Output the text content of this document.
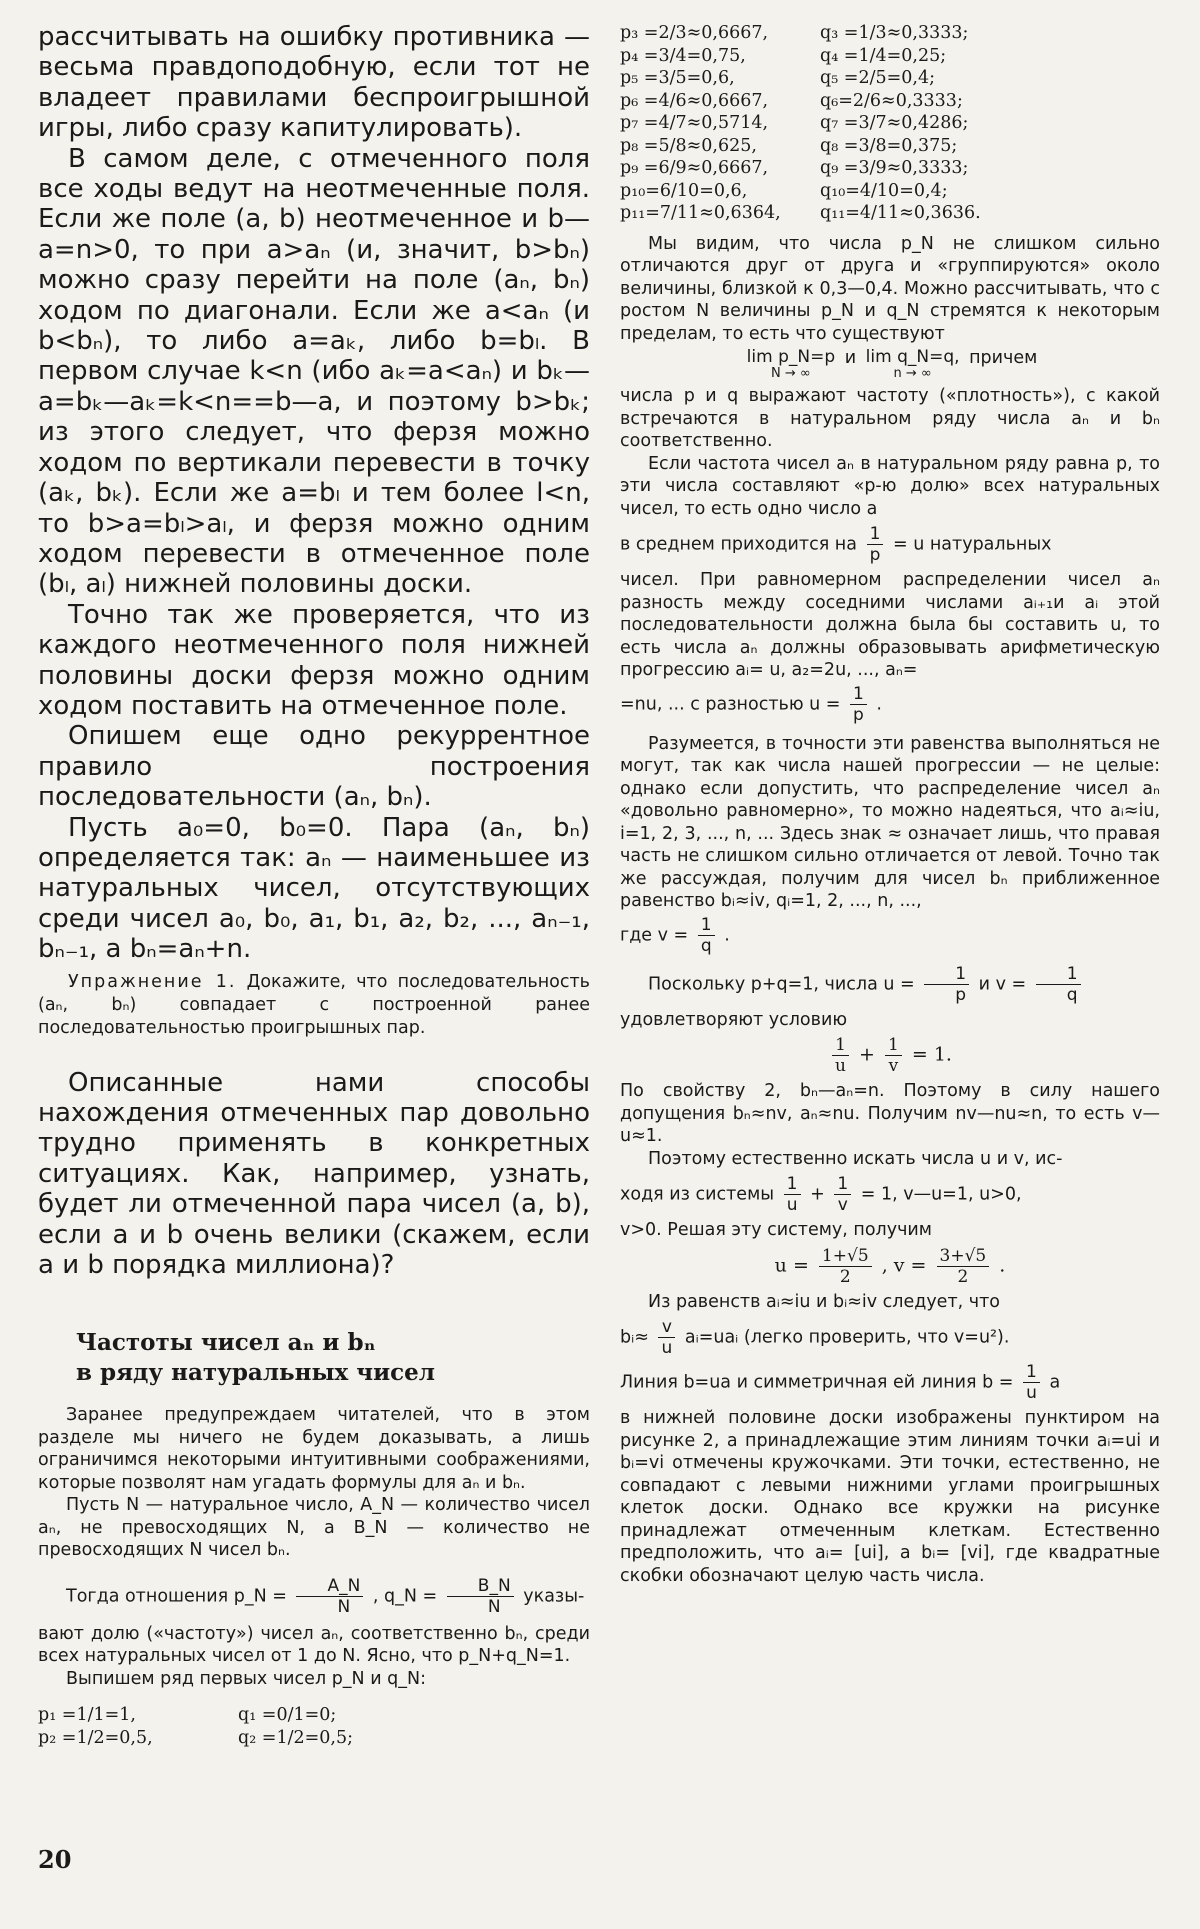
рассчитывать на ошибку противника — весьма правдоподобную, если тот не владеет правилами беспроигрышной игры, либо сразу капитулировать).

В самом деле, с отмеченного поля все ходы ведут на неотмеченные поля. Если же поле (a, b) неотмеченное и b—a=n>0, то при a>aₙ (и, значит, b>bₙ) можно сразу перейти на поле (aₙ, bₙ) ходом по диагонали. Если же a<aₙ (и b<bₙ), то либо a=aₖ, либо b=bₗ. В первом случае k<n (ибо aₖ=a<aₙ) и bₖ—a=bₖ—aₖ=k<n==b—a, и поэтому b>bₖ; из этого следует, что ферзя можно ходом по вертикали перевести в точку (aₖ, bₖ). Если же a=bₗ и тем более l<n, то b>a=bₗ>aₗ, и ферзя можно одним ходом перевести в отмеченное поле (bₗ, aₗ) нижней половины доски.

Точно так же проверяется, что из каждого неотмеченного поля нижней половины доски ферзя можно одним ходом поставить на отмеченное поле.

Опишем еще одно рекуррентное правило построения последовательности (aₙ, bₙ).

Пусть a₀=0, b₀=0. Пара (aₙ, bₙ) определяется так: aₙ — наименьшее из натуральных чисел, отсутствующих среди чисел a₀, b₀, a₁, b₁, a₂, b₂, ..., aₙ₋₁, bₙ₋₁, а bₙ=aₙ+n.

Упражнение 1. Докажите, что последовательность (aₙ, bₙ) совпадает с построенной ранее последовательностью проигрышных пар.

Описанные нами способы нахождения отмеченных пар довольно трудно применять в конкретных ситуациях. Как, например, узнать, будет ли отмеченной пара чисел (a, b), если a и b очень велики (скажем, если a и b порядка миллиона)?

Частоты чисел aₙ и bₙ
в ряду натуральных чисел

Заранее предупреждаем читателей, что в этом разделе мы ничего не будем доказывать, а лишь ограничимся некоторыми интуитивными соображениями, которые позволят нам угадать формулы для aₙ и bₙ.

Пусть N — натуральное число, A_N — количество чисел aₙ, не превосходящих N, а B_N — количество не превосходящих N чисел bₙ.

Тогда отношения p_N = $\frac{A\_N}{N}$ , q_N = $\frac{B\_N}{N}$ указы-

вают долю («частоту») чисел aₙ, соответственно bₙ, среди всех натуральных чисел от 1 до N. Ясно, что p_N+q_N=1.

Выпишем ряд первых чисел p_N и q_N:

p₁ =1/1=1,	q₁ =0/1=0;
p₂ =1/2=0,5,	q₂ =1/2=0,5;
p₃ =2/3≈0,6667,	q₃ =1/3≈0,3333;
p₄ =3/4=0,75,	q₄ =1/4=0,25;
p₅ =3/5=0,6,	q₅ =2/5=0,4;
p₆ =4/6≈0,6667,	q₆=2/6≈0,3333;
p₇ =4/7≈0,5714,	q₇ =3/7≈0,4286;
p₈ =5/8≈0,625,	q₈ =3/8=0,375;
p₉ =6/9≈0,6667,	q₉ =3/9≈0,3333;
p₁₀=6/10=0,6,	q₁₀=4/10=0,4;
p₁₁=7/11≈0,6364,	q₁₁=4/11≈0,3636.

Мы видим, что числа p_N не слишком сильно отличаются друг от друга и «группируются» около величины, близкой к 0,3—0,4. Можно рассчитывать, что с ростом N величины p_N и q_N стремятся к некоторым пределам, то есть что существуют

lim p_N=p
N → ∞
и lim q_N=q,
n → ∞
причем

числа p и q выражают частоту («плотность»), с какой встречаются в натуральном ряду числа aₙ и bₙ соответственно.

Если частота чисел aₙ в натуральном ряду равна p, то эти числа составляют «p-ю долю» всех натуральных чисел, то есть одно число a

в среднем приходится на $\frac{1}{p} = u$ натуральных

чисел. При равномерном распределении чисел aₙ разность между соседними числами aᵢ₊₁и aᵢ этой последовательности должна была бы составить u, то есть числа aₙ должны образовывать арифметическую прогрессию aᵢ= u, a₂=2u, ..., aₙ=

=nu, ... с разностью $u = \frac{1}{p}$ .

Разумеется, в точности эти равенства выполняться не могут, так как числа нашей прогрессии — не целые: однако если допустить, что распределение чисел aₙ «довольно равномерно», то можно надеяться, что aᵢ≈iu, i=1, 2, 3, ..., n, ... Здесь знак ≈ означает лишь, что правая часть не слишком сильно отличается от левой. Точно так же рассуждая, получим для чисел bₙ приближенное равенство bᵢ≈iv, qᵢ=1, 2, ..., n, ...,

где $v = \frac{1}{q}$ .

Поскольку p+q=1, числа $u = \frac{1}{p}$ и $v = \frac{1}{q}$

удовлетворяют условию

$\frac{1}{u} + \frac{1}{v} = 1$.

По свойству 2, bₙ—aₙ=n. Поэтому в силу нашего допущения bₙ≈nv, aₙ≈nu. Получим nv—nu≈n, то есть v—u≈1.

Поэтому естественно искать числа u и v, ис-

ходя из системы $\frac{1}{u} + \frac{1}{v} = 1$, v—u=1, u>0,

v>0. Решая эту систему, получим

$u = \frac{1+√5}{2}$ , $v = \frac{3+√5}{2}$ .

Из равенств aᵢ≈iu и bᵢ≈iv следует, что

bᵢ≈ $\frac{v}{u}$ aᵢ=uaᵢ (легко проверить, что v=u²).

Линия b=ua и симметричная ей линия $b = \frac{1}{u}$ a

в нижней половине доски изображены пунктиром на рисунке 2, а принадлежащие этим линиям точки aᵢ=ui и bᵢ=vi отмечены кружочками. Эти точки, естественно, не совпадают с левыми нижними углами проигрышных клеток доски. Однако все кружки на рисунке принадлежат отмеченным клеткам. Естественно предположить, что aᵢ= [ui], а bᵢ= [vi], где квадратные скобки обозначают целую часть числа.

20
